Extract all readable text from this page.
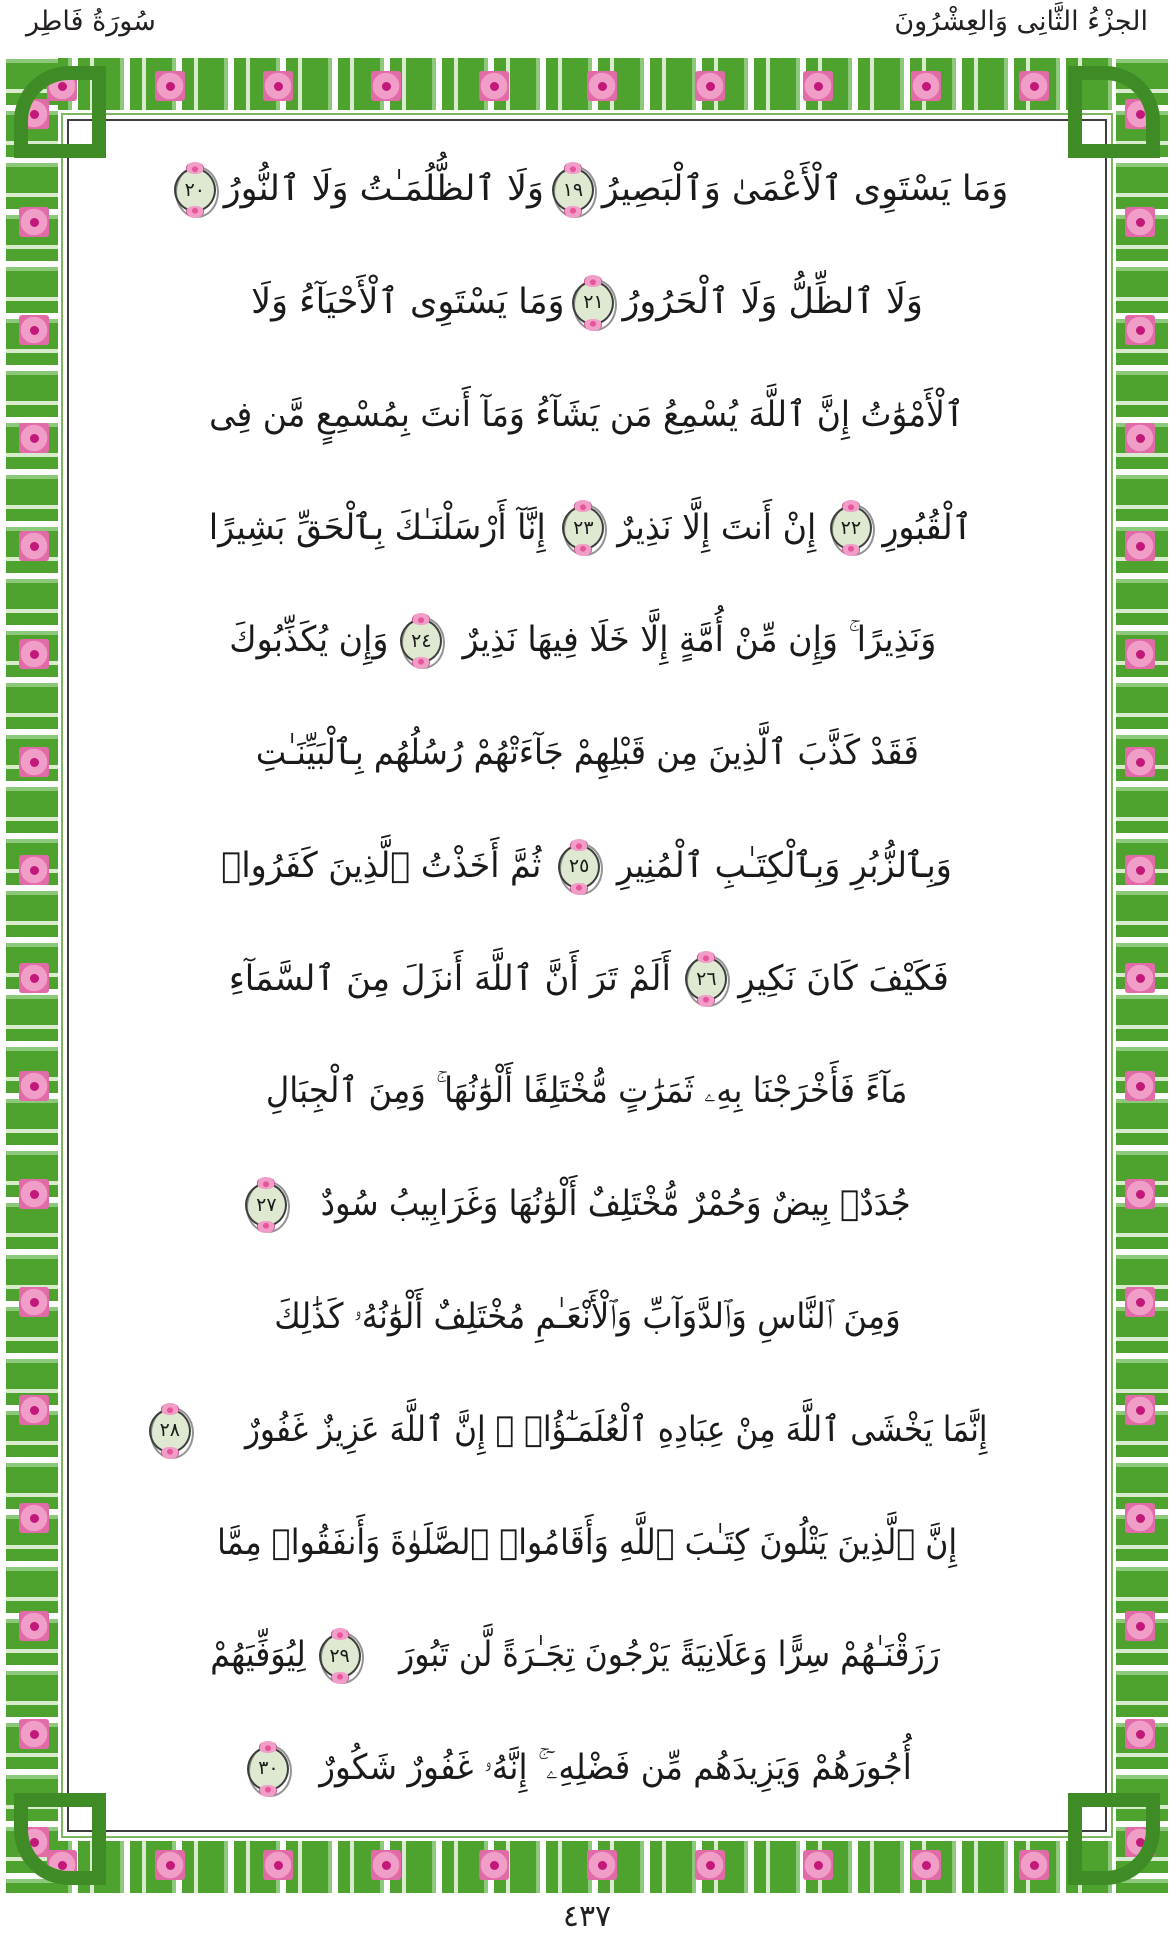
الجزْءُ الثَّانِى وَالعِشْرُونَ
سُورَةُ فَاطِر
وَمَا يَسْتَوِى ٱلْأَعْمَىٰ وَٱلْبَصِيرُ
١٩
وَلَا ٱلظُّلُمَـٰتُ وَلَا ٱلنُّورُ
٢٠
وَلَا ٱلظِّلُّ وَلَا ٱلْحَرُورُ
٢١
وَمَا يَسْتَوِى ٱلْأَحْيَآءُ وَلَا
ٱلْأَمْوَٰتُ إِنَّ ٱللَّهَ يُسْمِعُ مَن يَشَآءُ وَمَآ أَنتَ بِمُسْمِعٍ مَّن فِى
ٱلْقُبُورِ
٢٢
إِنْ أَنتَ إِلَّا نَذِيرٌ
٢٣
إِنَّآ أَرْسَلْنَـٰكَ بِٱلْحَقِّ بَشِيرًا
وَنَذِيرًا ۚ وَإِن مِّنْ أُمَّةٍ إِلَّا خَلَا فِيهَا نَذِيرٌ
٢٤
وَإِن يُكَذِّبُوكَ
فَقَدْ كَذَّبَ ٱلَّذِينَ مِن قَبْلِهِمْ جَآءَتْهُمْ رُسُلُهُم بِٱلْبَيِّنَـٰتِ
وَبِٱلزُّبُرِ وَبِٱلْكِتَـٰبِ ٱلْمُنِيرِ
٢٥
ثُمَّ أَخَذْتُ ٱلَّذِينَ كَفَرُوا۟
فَكَيْفَ كَانَ نَكِيرِ
٢٦
أَلَمْ تَرَ أَنَّ ٱللَّهَ أَنزَلَ مِنَ ٱلسَّمَآءِ
مَآءً فَأَخْرَجْنَا بِهِۦ ثَمَرَٰتٍ مُّخْتَلِفًا أَلْوَٰنُهَا ۚ وَمِنَ ٱلْجِبَالِ
جُدَدٌۢ بِيضٌ وَحُمْرٌ مُّخْتَلِفٌ أَلْوَٰنُهَا وَغَرَابِيبُ سُودٌ
٢٧
وَمِنَ ٱلنَّاسِ وَٱلدَّوَآبِّ وَٱلْأَنْعَـٰمِ مُخْتَلِفٌ أَلْوَٰنُهُۥ كَذَٰلِكَ
إِنَّمَا يَخْشَى ٱللَّهَ مِنْ عِبَادِهِ ٱلْعُلَمَـٰٓؤُا۟ ۗ إِنَّ ٱللَّهَ عَزِيزٌ غَفُورٌ
٢٨
إِنَّ ٱلَّذِينَ يَتْلُونَ كِتَـٰبَ ٱللَّهِ وَأَقَامُوا۟ ٱلصَّلَوٰةَ وَأَنفَقُوا۟ مِمَّا
رَزَقْنَـٰهُمْ سِرًّا وَعَلَانِيَةً يَرْجُونَ تِجَـٰرَةً لَّن تَبُورَ
٢٩
لِيُوَفِّيَهُمْ
أُجُورَهُمْ وَيَزِيدَهُم مِّن فَضْلِهِۦٓ ۚ إِنَّهُۥ غَفُورٌ شَكُورٌ
٣٠
٤٣٧
